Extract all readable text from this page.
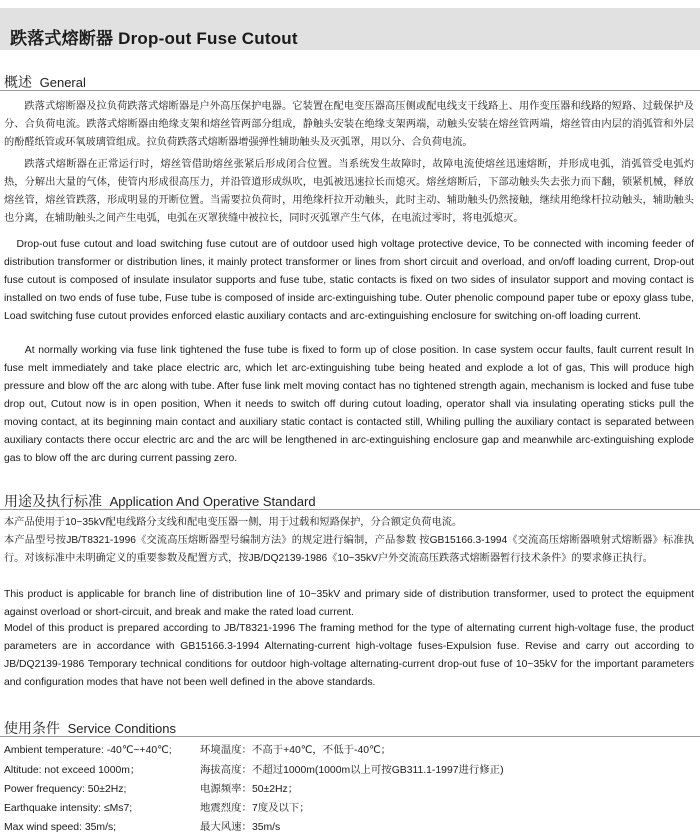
跌落式熔断器 Drop-out Fuse Cutout
概述 General

跌落式熔断器及拉负荷跌落式熔断器是户外高压保护电器。它装置在配电变压器高压侧或配电线支干线路上、用作变压器和线路的短路、过载保护及分、合负荷电流。跌落式熔断器由绝缘支架和熔丝管两部分组成，静触头安装在绝缘支架两端，动触头安装在熔丝管两端，熔丝管由内层的消弧管和外层的酚醛纸管或环氧玻璃管组成。拉负荷跌落式熔断器增强弹性辅助触头及灭弧罩，用以分、合负荷电流。

跌落式熔断器在正常运行时，熔丝管借助熔丝张紧后形成闭合位置。当系统发生故障时，故障电流使熔丝迅速熔断，并形成电弧，消弧管受电弧灼热，分解出大量的气体，使管内形成很高压力，并沿管道形成纵吹，电弧被迅速拉长而熄灭。熔丝熔断后，下部动触头失去张力而下翻，锁紧机械，释放熔丝管，熔丝管跌落，形成明显的开断位置。当需要拉负荷时，用绝缘杆拉开动触头，此时主动、辅助触头仍然接触，继续用绝缘杆拉动触头，辅助触头也分离，在辅助触头之间产生电弧，电弧在灭罩狭缝中被拉长，同时灭弧罩产生气体，在电流过零时，将电弧熄灭。

Drop-out fuse cutout and load switching fuse cutout are of outdoor used high voltage protective device, To be connected with incoming feeder of distribution transformer or distribution lines, it mainly protect transformer or lines from short circuit and overload, and on/off loading current, Drop-out fuse cutout is composed of insulate insulator supports and fuse tube, static contacts is fixed on two sides of insulator support and moving contact is installed on two ends of fuse tube, Fuse tube is composed of inside arc-extinguishing tube. Outer phenolic compound paper tube or epoxy glass tube, Load switching fuse cutout provides enforced elastic auxiliary contacts and arc-extinguishing enclosure for switching on-off loading current.

At normally working via fuse link tightened the fuse tube is fixed to form up of close position. In case system occur faults, fault current result In fuse melt immediately and take place electric arc, which let arc-extinguishing tube being heated and explode a lot of gas, This will produce high pressure and blow off the arc along with tube. After fuse link melt moving contact has no tightened strength again, mechanism is locked and fuse tube drop out, Cutout now is in open position, When it needs to switch off during cutout loading, operator shall via insulating operating sticks pull the moving contact, at its beginning main contact and auxiliary static contact is contacted still, Whiling pulling the auxiliary contact is separated between auxiliary contacts there occur electric arc and the arc will be lengthened in arc-extinguishing enclosure gap and meanwhile arc-extinguishing explode gas to blow off the arc during current passing zero.

用途及执行标准 Application And Operative Standard

本产品使用于10~35kV配电线路分支线和配电变压器一侧，用于过载和短路保护，分合额定负荷电流。

本产品型号按JB/T8321-1996《交流高压熔断器型号编制方法》的规定进行编制，产品参数 按GB15166.3-1994《交流高压熔断器喷射式熔断器》标准执行。对该标准中未明确定义的重要参数及配置方式，按JB/DQ2139-1986《10~35kV户外交流高压跌落式熔断器暂行技术条件》的要求修正执行。

This product is applicable for branch line of distribution line of 10~35kV and primary side of distribution transformer, used to protect the equipment against overload or short-circuit, and break and make the rated load current.

Model of this product is prepared according to JB/T8321-1996 The framing method for the type of alternating current high-voltage fuse, the product parameters are in accordance with GB15166.3-1994 Alternating-current high-voltage fuses-Expulsion fuse. Revise and carry out according to JB/DQ2139-1986 Temporary technical conditions for outdoor high-voltage alternating-current drop-out fuse of 10~35kV for the important parameters and configuration modes that have not been well defined in the above standards.

使用条件 Service Conditions
Ambient temperature: -40℃~+40℃;	环境温度：不高于+40℃，不低于-40℃；
Altitude: not exceed 1000m；	海拔高度：不超过1000m(1000m以上可按GB311.1-1997进行修正)
Power frequency: 50±2Hz;	电源频率：50±2Hz；
Earthquake intensity: ≤Ms7;	地震烈度：7度及以下；
Max wind speed: 35m/s;	最大风速：35m/s
